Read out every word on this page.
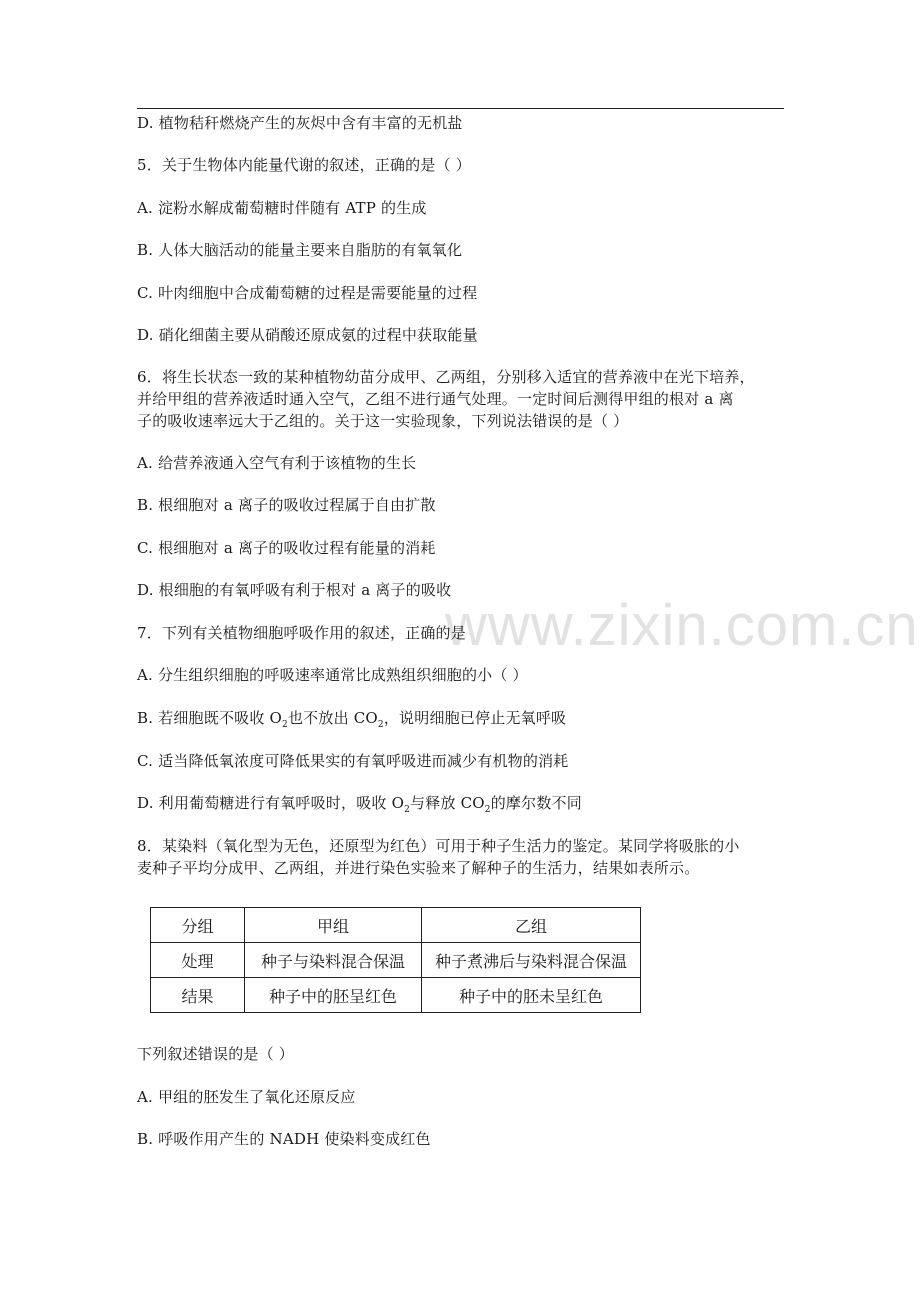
D. 植物秸秆燃烧产生的灰烬中含有丰富的无机盐
5．关于生物体内能量代谢的叙述，正确的是（ ）
A. 淀粉水解成葡萄糖时伴随有 ATP 的生成
B. 人体大脑活动的能量主要来自脂肪的有氧氧化
C. 叶肉细胞中合成葡萄糖的过程是需要能量的过程
D. 硝化细菌主要从硝酸还原成氨的过程中获取能量
6．将生长状态一致的某种植物幼苗分成甲、乙两组，分别移入适宜的营养液中在光下培养，
并给甲组的营养液适时通入空气，乙组不进行通气处理。一定时间后测得甲组的根对 a 离
子的吸收速率远大于乙组的。关于这一实验现象，下列说法错误的是（ ）
A. 给营养液通入空气有利于该植物的生长
B. 根细胞对 a 离子的吸收过程属于自由扩散
C. 根细胞对 a 离子的吸收过程有能量的消耗
D. 根细胞的有氧呼吸有利于根对 a 离子的吸收
www.zixin.com.cn
7．下列有关植物细胞呼吸作用的叙述，正确的是
A. 分生组织细胞的呼吸速率通常比成熟组织细胞的小（ ）
B. 若细胞既不吸收 $O_2$也不放出 $CO_2$，说明细胞已停止无氧呼吸
C. 适当降低氧浓度可降低果实的有氧呼吸进而减少有机物的消耗
D. 利用葡萄糖进行有氧呼吸时，吸收 $O_2$与释放 $CO_2$的摩尔数不同
8．某染料（氧化型为无色，还原型为红色）可用于种子生活力的鉴定。某同学将吸胀的小
麦种子平均分成甲、乙两组，并进行染色实验来了解种子的生活力，结果如表所示。
分组	甲组	乙组
处理	种子与染料混合保温	种子煮沸后与染料混合保温
结果	种子中的胚呈红色	种子中的胚未呈红色
下列叙述错误的是（ ）
A. 甲组的胚发生了氧化还原反应
B. 呼吸作用产生的 NADH 使染料变成红色
